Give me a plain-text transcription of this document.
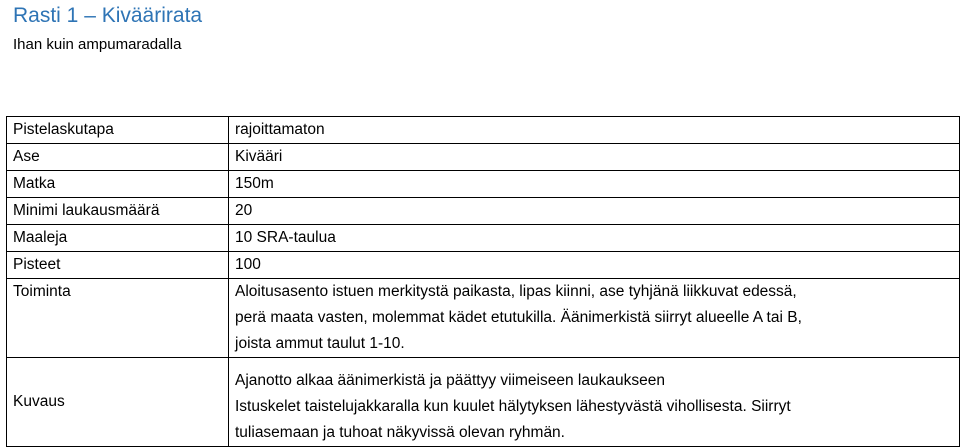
Rasti 1 – Kiväärirata
Ihan kuin ampumaradalla
Pistelaskutapa	rajoittamaton
Ase	Kivääri
Matka	150m
Minimi laukausmäärä	20
Maaleja	10 SRA-taulua
Pisteet	100
Toiminta	Aloitusasento istuen merkitystä paikasta, lipas kiinni, ase tyhjänä liikkuvat edessä,
perä maata vasten, molemmat kädet etutukilla. Äänimerkistä siirryt alueelle A tai B,
joista ammut taulut 1-10.

Kuvaus	Ajanotto alkaa äänimerkistä ja päättyy viimeiseen laukaukseen
Istuskelet taistelujakkaralla kun kuulet hälytyksen lähestyvästä vihollisesta. Siirryt
tuliasemaan ja tuhoat näkyvissä olevan ryhmän.
